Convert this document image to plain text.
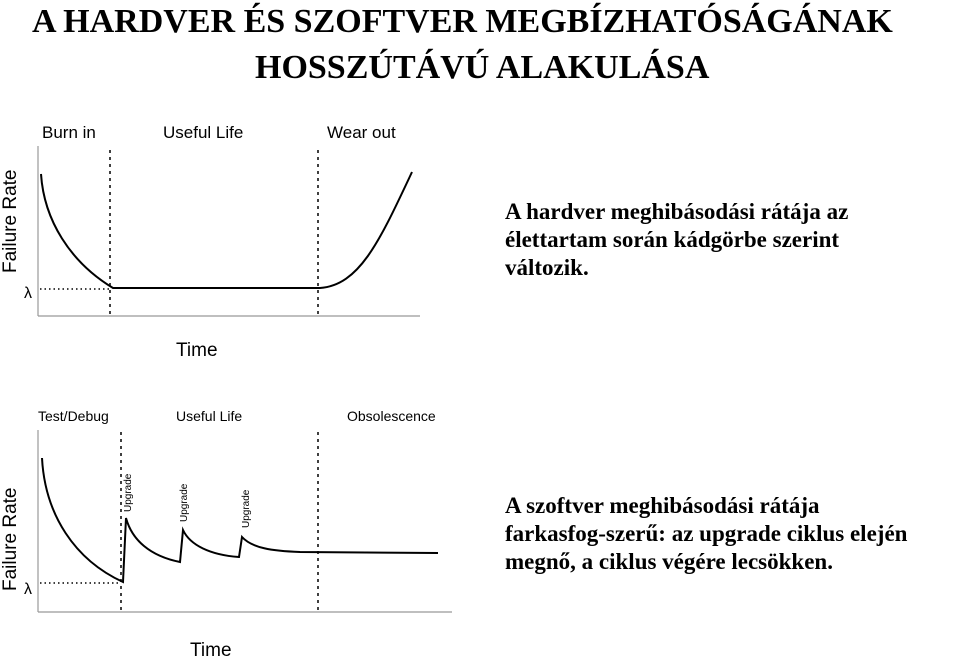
A HARDVER ÉS SZOFTVER MEGBÍZHATÓSÁGÁNAK
HOSSZÚTÁVÚ ALAKULÁSA
Burn in	Useful Life	Wear out
Failure Rate
λ
Time
Test/Debug	Useful Life	Obsolescence
Failure Rate λ
Upgrade	Upgrade	Upgrade
Time
A hardver meghibásodási rátája az
élettartam során kádgörbe szerint
változik.
A szoftver meghibásodási rátája
farkasfog-szerű: az upgrade ciklus elején
megnő, a ciklus végére lecsökken.
